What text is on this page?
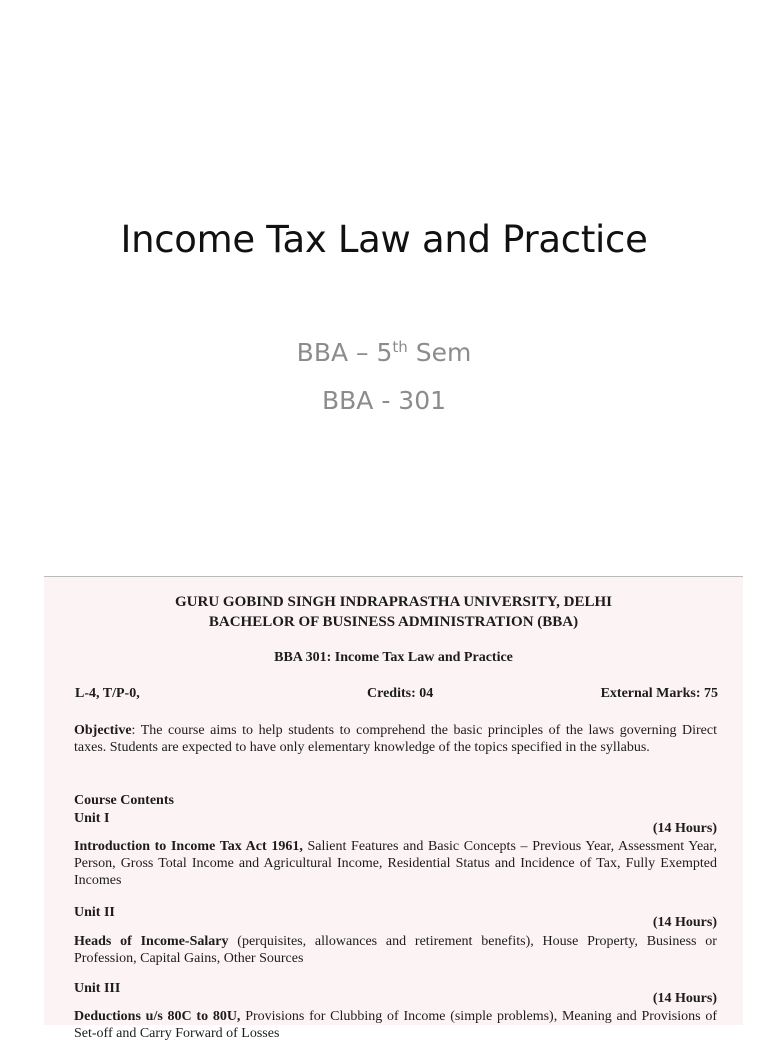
Income Tax Law and Practice
BBA – 5th Sem
BBA - 301
GURU GOBIND SINGH INDRAPRASTHA UNIVERSITY, DELHI
BACHELOR OF BUSINESS ADMINISTRATION (BBA)
BBA 301: Income Tax Law and Practice
L-4, T/P-0,	Credits: 04	External Marks: 75
Objective: The course aims to help students to comprehend the basic principles of the laws governing Direct taxes. Students are expected to have only elementary knowledge of the topics specified in the syllabus.
Course Contents
Unit I
(14 Hours)
Introduction to Income Tax Act 1961, Salient Features and Basic Concepts – Previous Year, Assessment Year, Person, Gross Total Income and Agricultural Income, Residential Status and Incidence of Tax, Fully Exempted Incomes
Unit II
(14 Hours)
Heads of Income-Salary (perquisites, allowances and retirement benefits), House Property, Business or Profession, Capital Gains, Other Sources
Unit III
(14 Hours)
Deductions u/s 80C to 80U, Provisions for Clubbing of Income (simple problems), Meaning and Provisions of Set-off and Carry Forward of Losses
